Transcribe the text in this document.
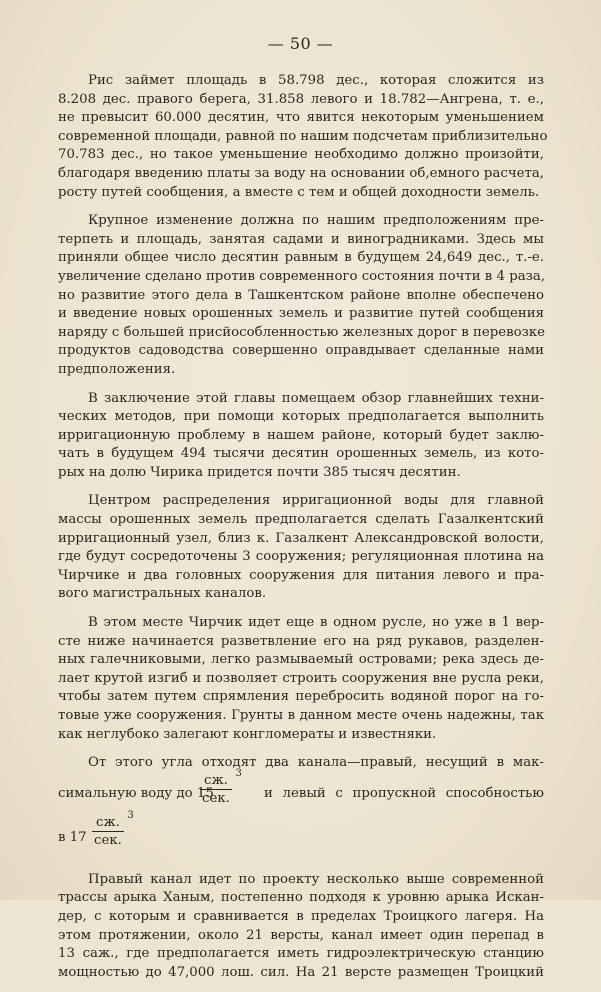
— 50 —
Рис займет площадь в 58.798 дес., которая сложится из
8.208 дес. правого берега, 31.858 левого и 18.782—Ангрена, т. е.,
не превысит 60.000 десятин, что явится некоторым уменьшением
современной площади, равной по нашим подсчетам приблизительно
70.783 дес., но такое уменьшение необходимо должно произойти,
благодаря введению платы за воду на основании об,емного расчета,
росту путей сообщения, а вместе с тем и общей доходности земель.
Крупное изменение должна по нашим предположениям пре-
терпеть и площадь, занятая садами и виноградниками. Здесь мы
приняли общее число десятин равным в будущем 24,649 дес., т.-е.
увеличение сделано против современного состояния почти в 4 раза,
но развитие этого дела в Ташкентском районе вполне обеспечено
и введение новых орошенных земель и развитие путей сообщения
наряду с большей присйособленностью железных дорог в перевозке
продуктов садоводства совершенно оправдывает сделанные нами
предположения.
В заключение этой главы помещаем обзор главнейших техни-
ческих методов, при помощи которых предполагается выполнить
ирригационную проблему в нашем районе, который будет заклю-
чать в будущем 494 тысячи десятин орошенных земель, из кото-
рых на долю Чирика придется почти 385 тысяч десятин.
Центром распределения ирригационной воды для главной
массы орошенных земель предполагается сделать Газалкентский
ирригационный узел, близ к. Газалкент Александровской волости,
где будут сосредоточены 3 сооружения; регуляционная плотина на
Чирчике и два головных сооружения для питания левого и пра-
вого магистральных каналов.
В этом месте Чирчик идет еще в одном русле, но уже в 1 вер-
сте ниже начинается разветвление его на ряд рукавов, разделен-
ных галечниковыми, легко размываемый островами; река здесь де-
лает крутой изгиб и позволяет строить сооружения вне русла реки,
чтобы затем путем спрямления перебросить водяной порог на го-
товые уже сооружения. Грунты в данном месте очень надежны, так
как неглубоко залегают конгломераты и известняки.
От этого угла отходят два канала—правый, несущий в мак-
симальную воду до 15
сж. 3
сек.	и левый с пропускной способностью
в 17
сж. 3
сек.
Правый канал идет по проекту несколько выше современной
трассы арыка Ханым, постепенно подходя к уровню арыка Искан-
дер, с которым и сравнивается в пределах Троицкого лагеря. На
этом протяжении, около 21 версты, канал имеет один перепад в
13 саж., где предполагается иметь гидроэлектрическую станцию
мощностью до 47,000 лош. сил. На 21 версте размещен Троицкий
